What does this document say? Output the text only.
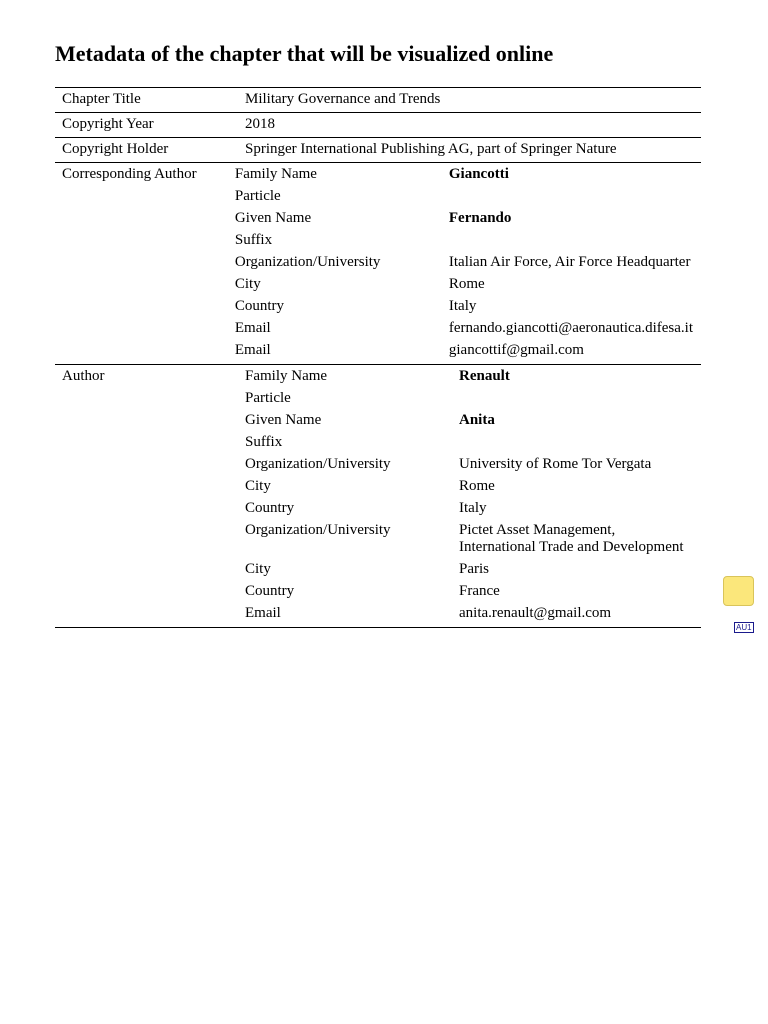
Metadata of the chapter that will be visualized online
Chapter Title	Military Governance and Trends
Copyright Year	2018
Copyright Holder	Springer International Publishing AG, part of Springer Nature
Corresponding Author	Family Name	Giancotti
Particle
Given Name	Fernando
Suffix
Organization/University	Italian Air Force, Air Force Headquarter
City	Rome
Country	Italy
Email	fernando.giancotti@aeronautica.difesa.it
Email	giancottif@gmail.com
Author	Family Name	Renault
Particle
Given Name	Anita
Suffix
Organization/University	University of Rome Tor Vergata
City	Rome
Country	Italy
Organization/University	Pictet Asset Management, International Trade and Development
City	Paris
Country	France
Email	anita.renault@gmail.com
AU1
